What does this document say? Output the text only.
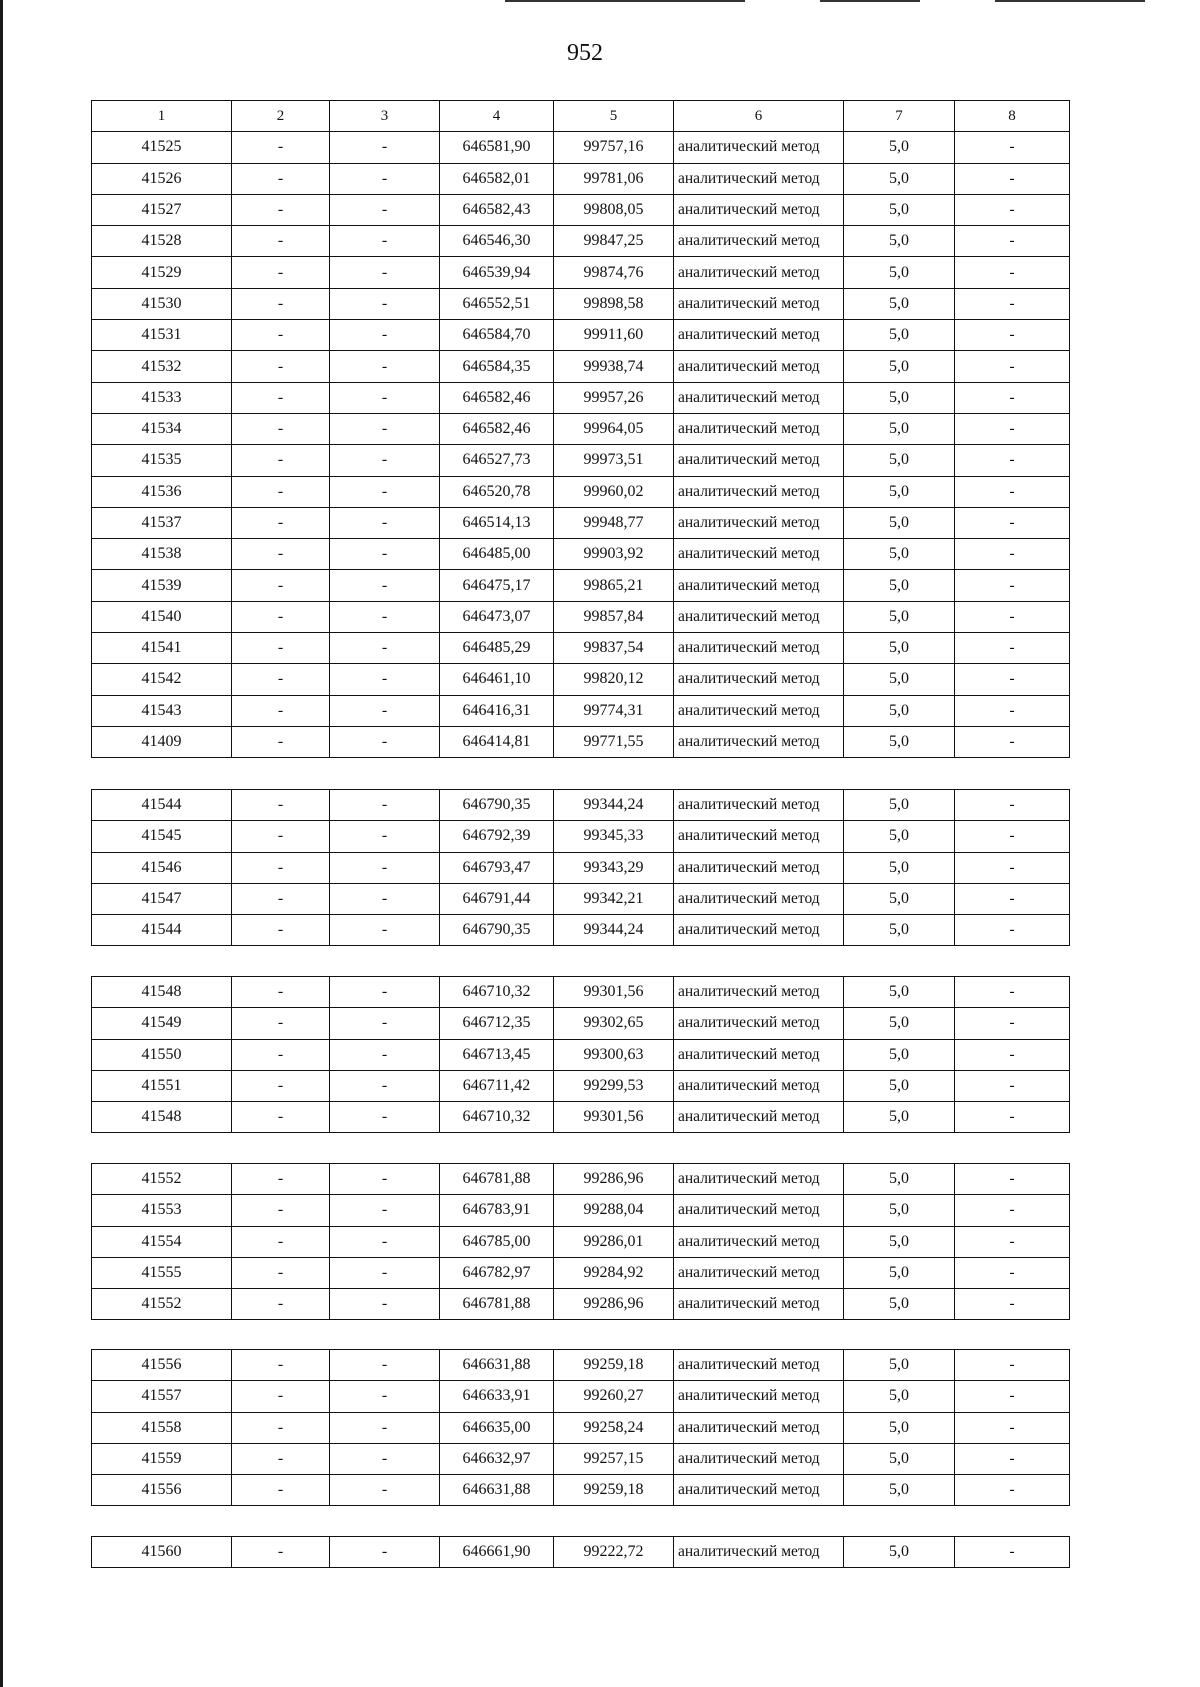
952
1	2	3	4	5	6	7	8
41525	-	-	646581,90	99757,16	аналитический метод	5,0	-
41526	-	-	646582,01	99781,06	аналитический метод	5,0	-
41527	-	-	646582,43	99808,05	аналитический метод	5,0	-
41528	-	-	646546,30	99847,25	аналитический метод	5,0	-
41529	-	-	646539,94	99874,76	аналитический метод	5,0	-
41530	-	-	646552,51	99898,58	аналитический метод	5,0	-
41531	-	-	646584,70	99911,60	аналитический метод	5,0	-
41532	-	-	646584,35	99938,74	аналитический метод	5,0	-
41533	-	-	646582,46	99957,26	аналитический метод	5,0	-
41534	-	-	646582,46	99964,05	аналитический метод	5,0	-
41535	-	-	646527,73	99973,51	аналитический метод	5,0	-
41536	-	-	646520,78	99960,02	аналитический метод	5,0	-
41537	-	-	646514,13	99948,77	аналитический метод	5,0	-
41538	-	-	646485,00	99903,92	аналитический метод	5,0	-
41539	-	-	646475,17	99865,21	аналитический метод	5,0	-
41540	-	-	646473,07	99857,84	аналитический метод	5,0	-
41541	-	-	646485,29	99837,54	аналитический метод	5,0	-
41542	-	-	646461,10	99820,12	аналитический метод	5,0	-
41543	-	-	646416,31	99774,31	аналитический метод	5,0	-
41409	-	-	646414,81	99771,55	аналитический метод	5,0	-
41544	-	-	646790,35	99344,24	аналитический метод	5,0	-
41545	-	-	646792,39	99345,33	аналитический метод	5,0	-
41546	-	-	646793,47	99343,29	аналитический метод	5,0	-
41547	-	-	646791,44	99342,21	аналитический метод	5,0	-
41544	-	-	646790,35	99344,24	аналитический метод	5,0	-
41548	-	-	646710,32	99301,56	аналитический метод	5,0	-
41549	-	-	646712,35	99302,65	аналитический метод	5,0	-
41550	-	-	646713,45	99300,63	аналитический метод	5,0	-
41551	-	-	646711,42	99299,53	аналитический метод	5,0	-
41548	-	-	646710,32	99301,56	аналитический метод	5,0	-
41552	-	-	646781,88	99286,96	аналитический метод	5,0	-
41553	-	-	646783,91	99288,04	аналитический метод	5,0	-
41554	-	-	646785,00	99286,01	аналитический метод	5,0	-
41555	-	-	646782,97	99284,92	аналитический метод	5,0	-
41552	-	-	646781,88	99286,96	аналитический метод	5,0	-
41556	-	-	646631,88	99259,18	аналитический метод	5,0	-
41557	-	-	646633,91	99260,27	аналитический метод	5,0	-
41558	-	-	646635,00	99258,24	аналитический метод	5,0	-
41559	-	-	646632,97	99257,15	аналитический метод	5,0	-
41556	-	-	646631,88	99259,18	аналитический метод	5,0	-
41560	-	-	646661,90	99222,72	аналитический метод	5,0	-
